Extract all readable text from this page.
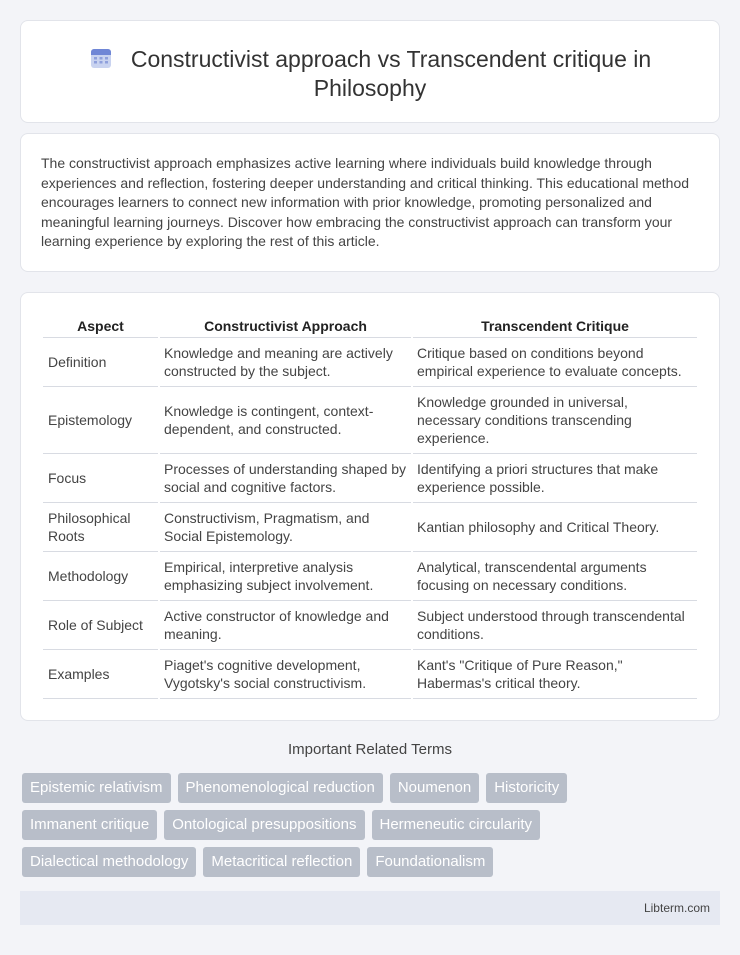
Constructivist approach vs Transcendent critique in Philosophy

The constructivist approach emphasizes active learning where individuals build knowledge through experiences and reflection, fostering deeper understanding and critical thinking. This educational method encourages learners to connect new information with prior knowledge, promoting personalized and meaningful learning journeys. Discover how embracing the constructivist approach can transform your learning experience by exploring the rest of this article.

Aspect	Constructivist Approach	Transcendent Critique
Definition	Knowledge and meaning are actively constructed by the subject.	Critique based on conditions beyond empirical experience to evaluate concepts.
Epistemology	Knowledge is contingent, context-dependent, and constructed.	Knowledge grounded in universal, necessary conditions transcending experience.
Focus	Processes of understanding shaped by social and cognitive factors.	Identifying a priori structures that make experience possible.
Philosophical Roots	Constructivism, Pragmatism, and Social Epistemology.	Kantian philosophy and Critical Theory.
Methodology	Empirical, interpretive analysis emphasizing subject involvement.	Analytical, transcendental arguments focusing on necessary conditions.
Role of Subject	Active constructor of knowledge and meaning.	Subject understood through transcendental conditions.
Examples	Piaget's cognitive development, Vygotsky's social constructivism.	Kant's "Critique of Pure Reason," Habermas's critical theory.
Important Related Terms
Epistemic relativism	Phenomenological reduction	Noumenon	Historicity
Immanent critique	Ontological presuppositions	Hermeneutic circularity
Dialectical methodology	Metacritical reflection	Foundationalism
Libterm.com
